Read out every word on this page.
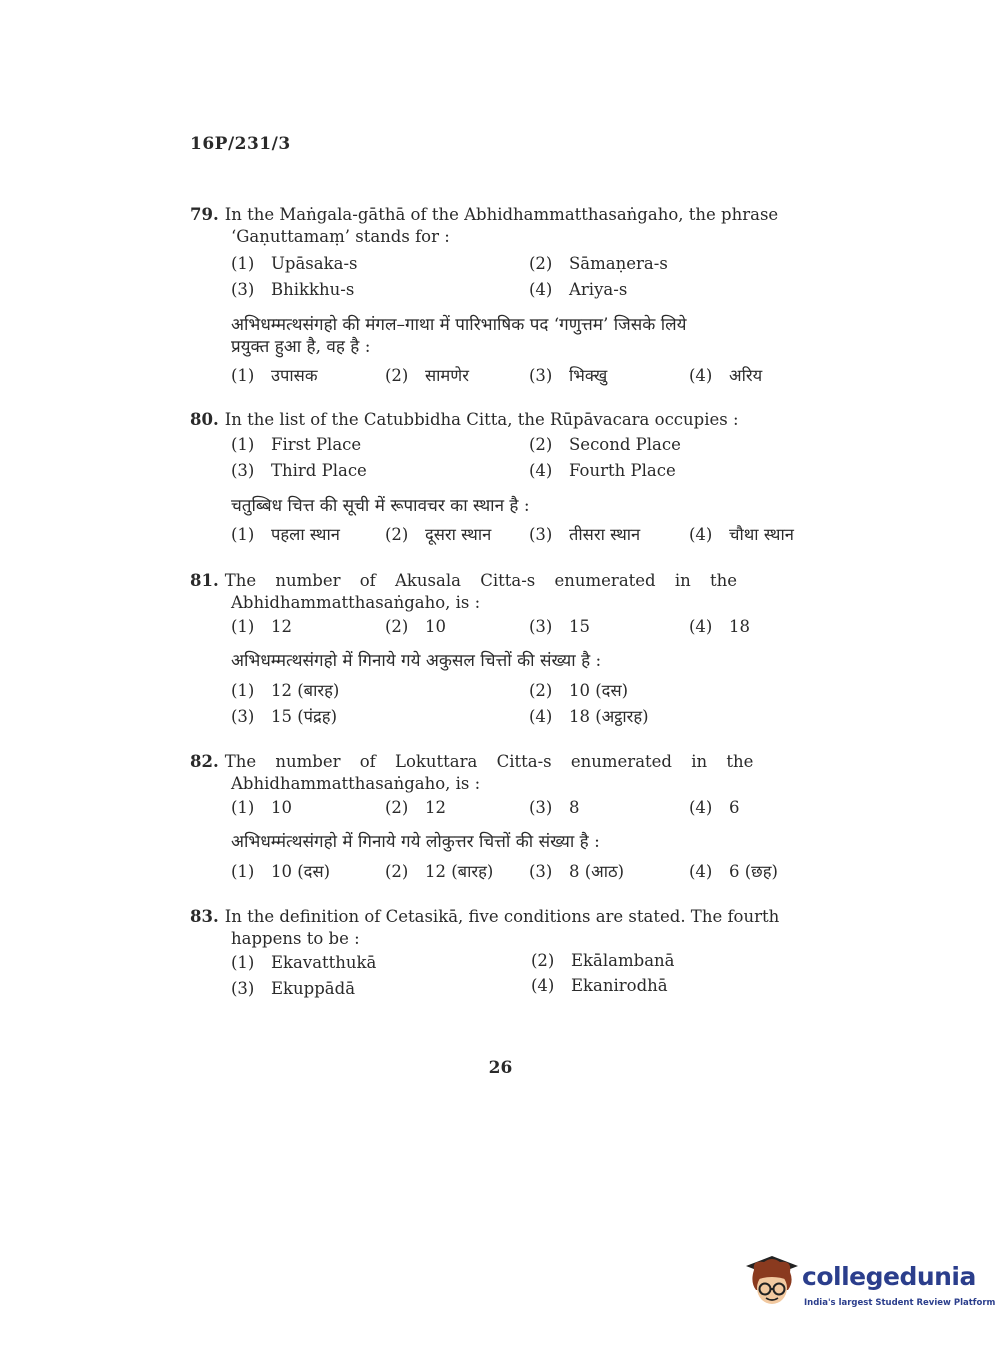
16P/231/3
79. In the Maṅgala-gāthā of the Abhidhammatthasaṅgaho, the phrase
‘Gaṇuttamaṃ’ stands for :
(1) Upāsaka-s	(2) Sāmaṇera-s
(3) Bhikkhu-s	(4) Ariya-s
अभिधम्मत्थसंगहो की मंगल–गाथा में पारिभाषिक पद ‘गणुत्तम’ जिसके लिये
प्रयुक्त हुआ है, वह है :
(1) उपासक	(2) सामणेर	(3) भिक्खु	(4) अरिय
80. In the list of the Catubbidha Citta, the Rūpāvacara occupies :
(1) First Place	(2) Second Place
(3) Third Place	(4) Fourth Place
चतुब्बिध चित्त की सूची में रूपावचर का स्थान है :
(1) पहला स्थान	(2) दूसरा स्थान (3) तीसरा स्थान	(4) चौथा स्थान
81. The number of Akusala Citta-s enumerated in the
Abhidhammatthasaṅgaho, is :
(1) 12	(2) 10	(3) 15	(4) 18
अभिधम्मत्थसंगहो में गिनाये गये अकुसल चित्तों की संख्या है :
(1) 12 (बारह)	(2) 10 (दस)
(3) 15 (पंद्रह)	(4) 18 (अट्ठारह)
82. The number of Lokuttara Citta-s enumerated in the
Abhidhammatthasaṅgaho, is :
(1) 10	(2) 12	(3) 8	(4) 6
अभिधम्मंत्थसंगहो में गिनाये गये लोकुत्तर चित्तों की संख्या है :
(1) 10 (दस)	(2) 12 (बारह) (3) 8 (आठ)	(4) 6 (छह)
83. In the definition of Cetasikā, five conditions are stated. The fourth
happens to be :
(1) Ekavatthukā	(2) Ekālambanā
(3) Ekuppādā	(4) Ekanirodhā
26
collegedunia
India's largest Student Review Platform
